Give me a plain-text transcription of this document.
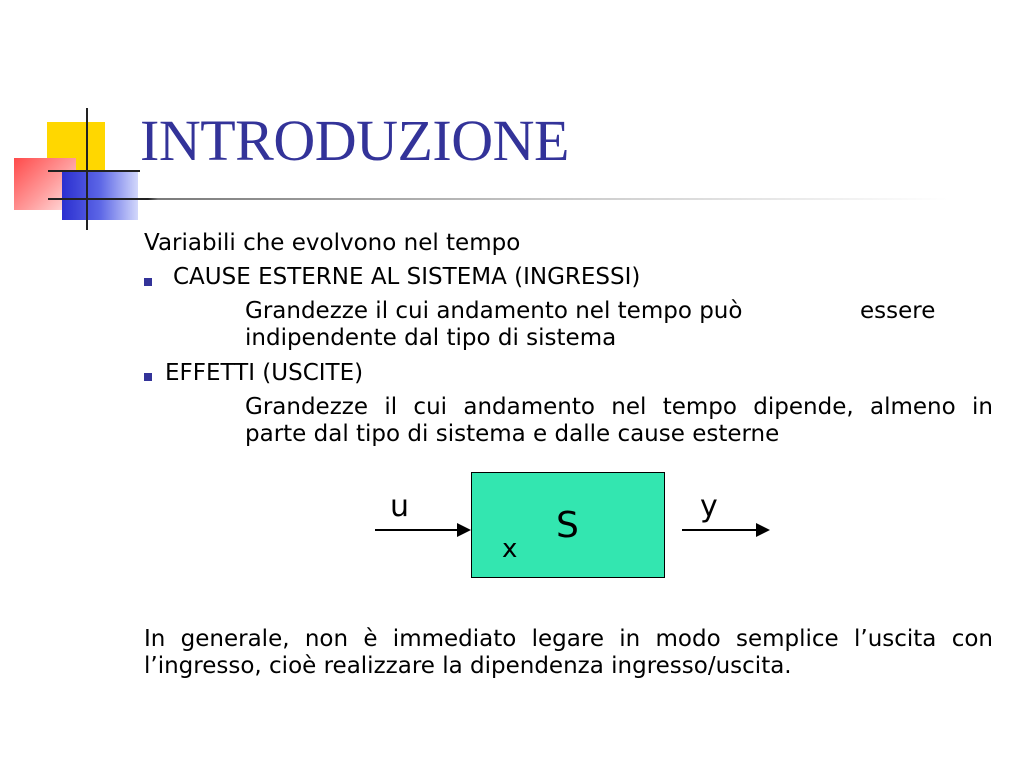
INTRODUZIONE
Variabili che evolvono nel tempo
CAUSE ESTERNE AL SISTEMA (INGRESSI)
Grandezze il cui andamento nel tempo può	essere
indipendente dal tipo di sistema
EFFETTI (USCITE)
Grandezze il cui andamento nel tempo dipende, almeno in
parte dal tipo di sistema e dalle cause esterne
u	S
x
y
In generale, non è immediato legare in modo semplice l’uscita con
l’ingresso, cioè realizzare la dipendenza ingresso/uscita.
